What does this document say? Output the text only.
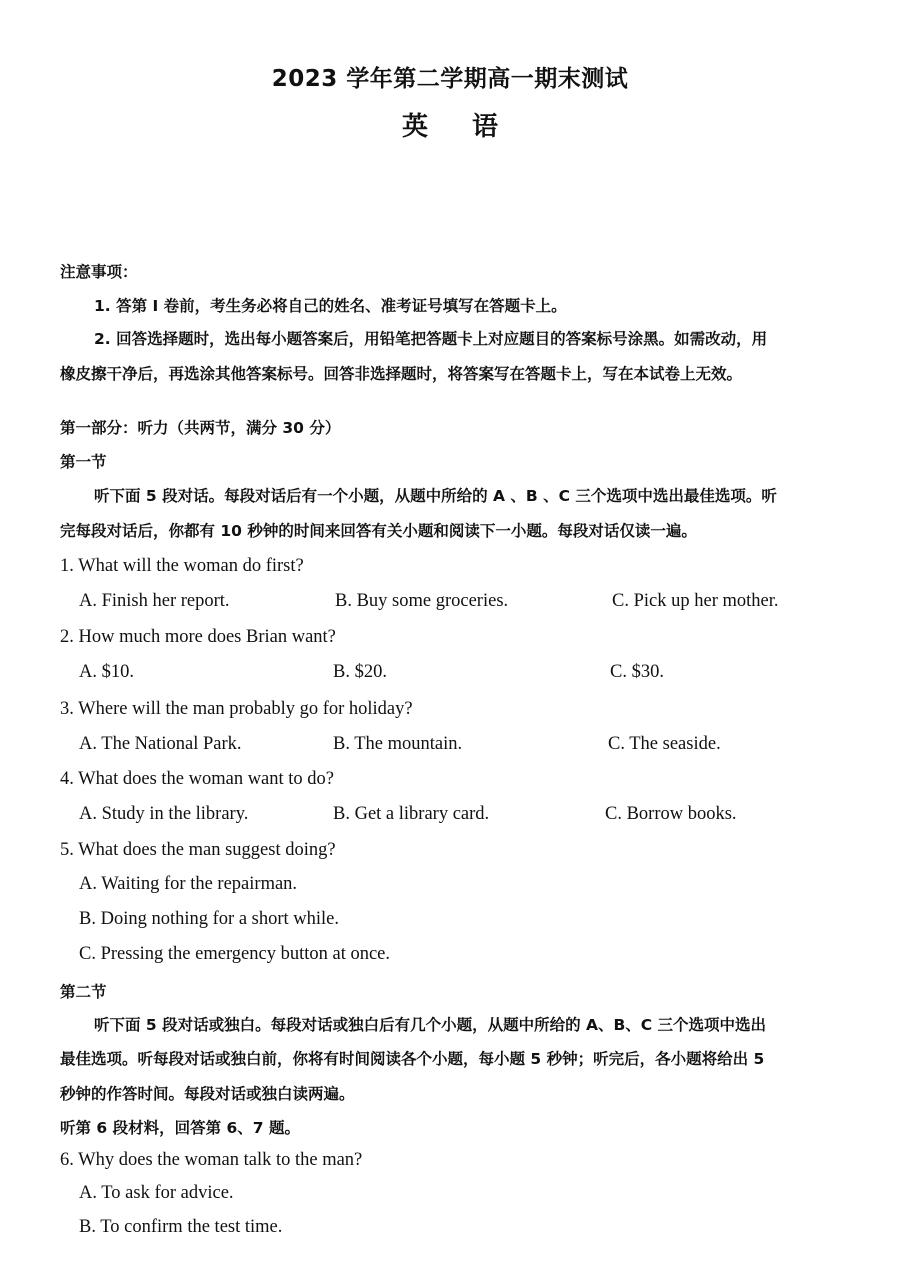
2023 学年第二学期高一期末测试
英语
注意事项：
1. 答第 I 卷前，考生务必将自己的姓名、准考证号填写在答题卡上。
2. 回答选择题时，选出每小题答案后，用铅笔把答题卡上对应题目的答案标号涂黑。如需改动，用
橡皮擦干净后，再选涂其他答案标号。回答非选择题时，将答案写在答题卡上，写在本试卷上无效。
第一部分：听力（共两节，满分 30 分）
第一节
听下面 5 段对话。每段对话后有一个小题，从题中所给的 A 、B 、C 三个选项中选出最佳选项。听
完每段对话后，你都有 10 秒钟的时间来回答有关小题和阅读下一小题。每段对话仅读一遍。
1. What will the woman do first?
A. Finish her report.	B. Buy some groceries.	C. Pick up her mother.
2. How much more does Brian want?
A. $10.	B. $20.	C. $30.
3. Where will the man probably go for holiday?
A. The National Park.	B. The mountain.	C. The seaside.
4. What does the woman want to do?
A. Study in the library.	B. Get a library card.	C. Borrow books.
5. What does the man suggest doing?
A. Waiting for the repairman.
B. Doing nothing for a short while.
C. Pressing the emergency button at once.
第二节
听下面 5 段对话或独白。每段对话或独白后有几个小题，从题中所给的 A、B、C 三个选项中选出
最佳选项。听每段对话或独白前，你将有时间阅读各个小题，每小题 5 秒钟；听完后，各小题将给出 5
秒钟的作答时间。每段对话或独白读两遍。
听第 6 段材料，回答第 6、7 题。
6. Why does the woman talk to the man?
A. To ask for advice.
B. To confirm the test time.
